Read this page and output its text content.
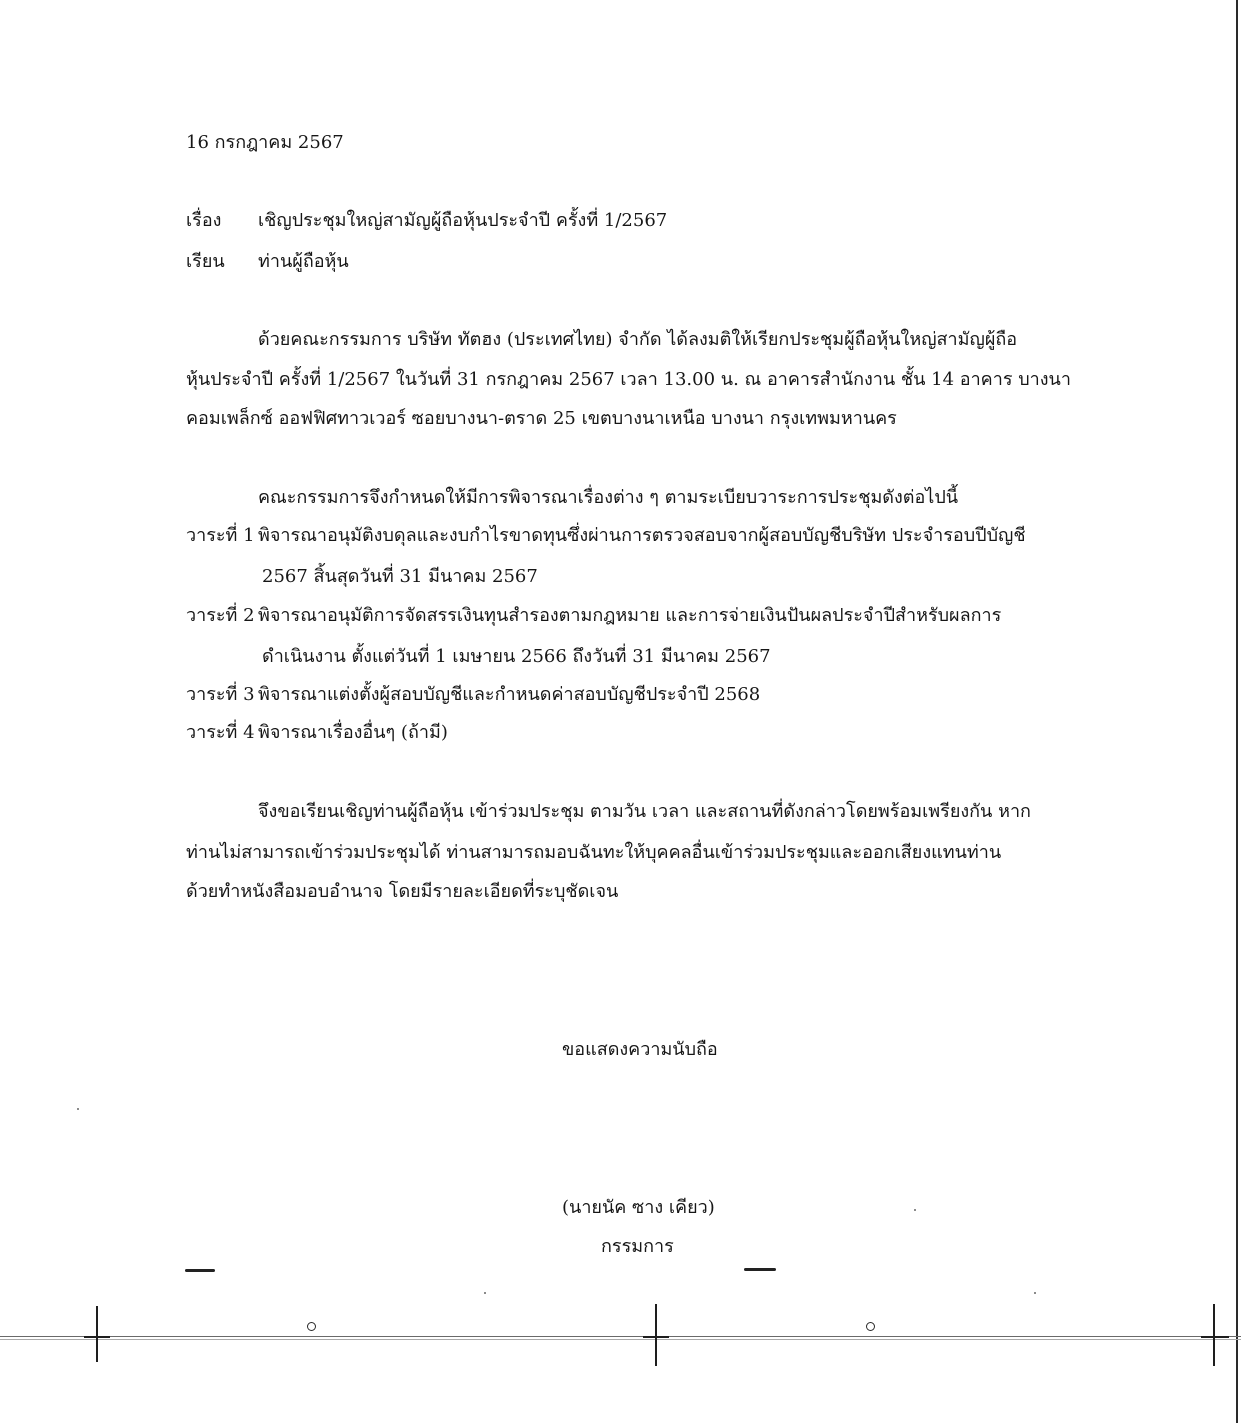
16 กรกฎาคม 2567
เรื่อง เชิญประชุมใหญ่สามัญผู้ถือหุ้นประจำปี ครั้งที่ 1/2567
เรียน ท่านผู้ถือหุ้น
ด้วยคณะกรรมการ บริษัท ทัตฮง (ประเทศไทย) จำกัด ได้ลงมติให้เรียกประชุมผู้ถือหุ้นใหญ่สามัญผู้ถือ
หุ้นประจำปี ครั้งที่ 1/2567 ในวันที่ 31 กรกฎาคม 2567 เวลา 13.00 น. ณ อาคารสำนักงาน ชั้น 14 อาคาร บางนา
คอมเพล็กซ์ ออฟฟิศทาวเวอร์ ซอยบางนา-ตราด 25 เขตบางนาเหนือ บางนา กรุงเทพมหานคร
คณะกรรมการจึงกำหนดให้มีการพิจารณาเรื่องต่าง ๆ ตามระเบียบวาระการประชุมดังต่อไปนี้
วาระที่ 1 พิจารณาอนุมัติงบดุลและงบกำไรขาดทุนซึ่งผ่านการตรวจสอบจากผู้สอบบัญชีบริษัท ประจำรอบปีบัญชี
2567 สิ้นสุดวันที่ 31 มีนาคม 2567
วาระที่ 2 พิจารณาอนุมัติการจัดสรรเงินทุนสำรองตามกฎหมาย และการจ่ายเงินปันผลประจำปีสำหรับผลการ
ดำเนินงาน ตั้งแต่วันที่ 1 เมษายน 2566 ถึงวันที่ 31 มีนาคม 2567
วาระที่ 3 พิจารณาแต่งตั้งผู้สอบบัญชีและกำหนดค่าสอบบัญชีประจำปี 2568
วาระที่ 4 พิจารณาเรื่องอื่นๆ (ถ้ามี)
จึงขอเรียนเชิญท่านผู้ถือหุ้น เข้าร่วมประชุม ตามวัน เวลา และสถานที่ดังกล่าวโดยพร้อมเพรียงกัน หาก
ท่านไม่สามารถเข้าร่วมประชุมได้ ท่านสามารถมอบฉันทะให้บุคคลอื่นเข้าร่วมประชุมและออกเสียงแทนท่าน
ด้วยทำหนังสือมอบอำนาจ โดยมีรายละเอียดที่ระบุชัดเจน
ขอแสดงความนับถือ
(นายนัค ซาง เคียว)
กรรมการ
